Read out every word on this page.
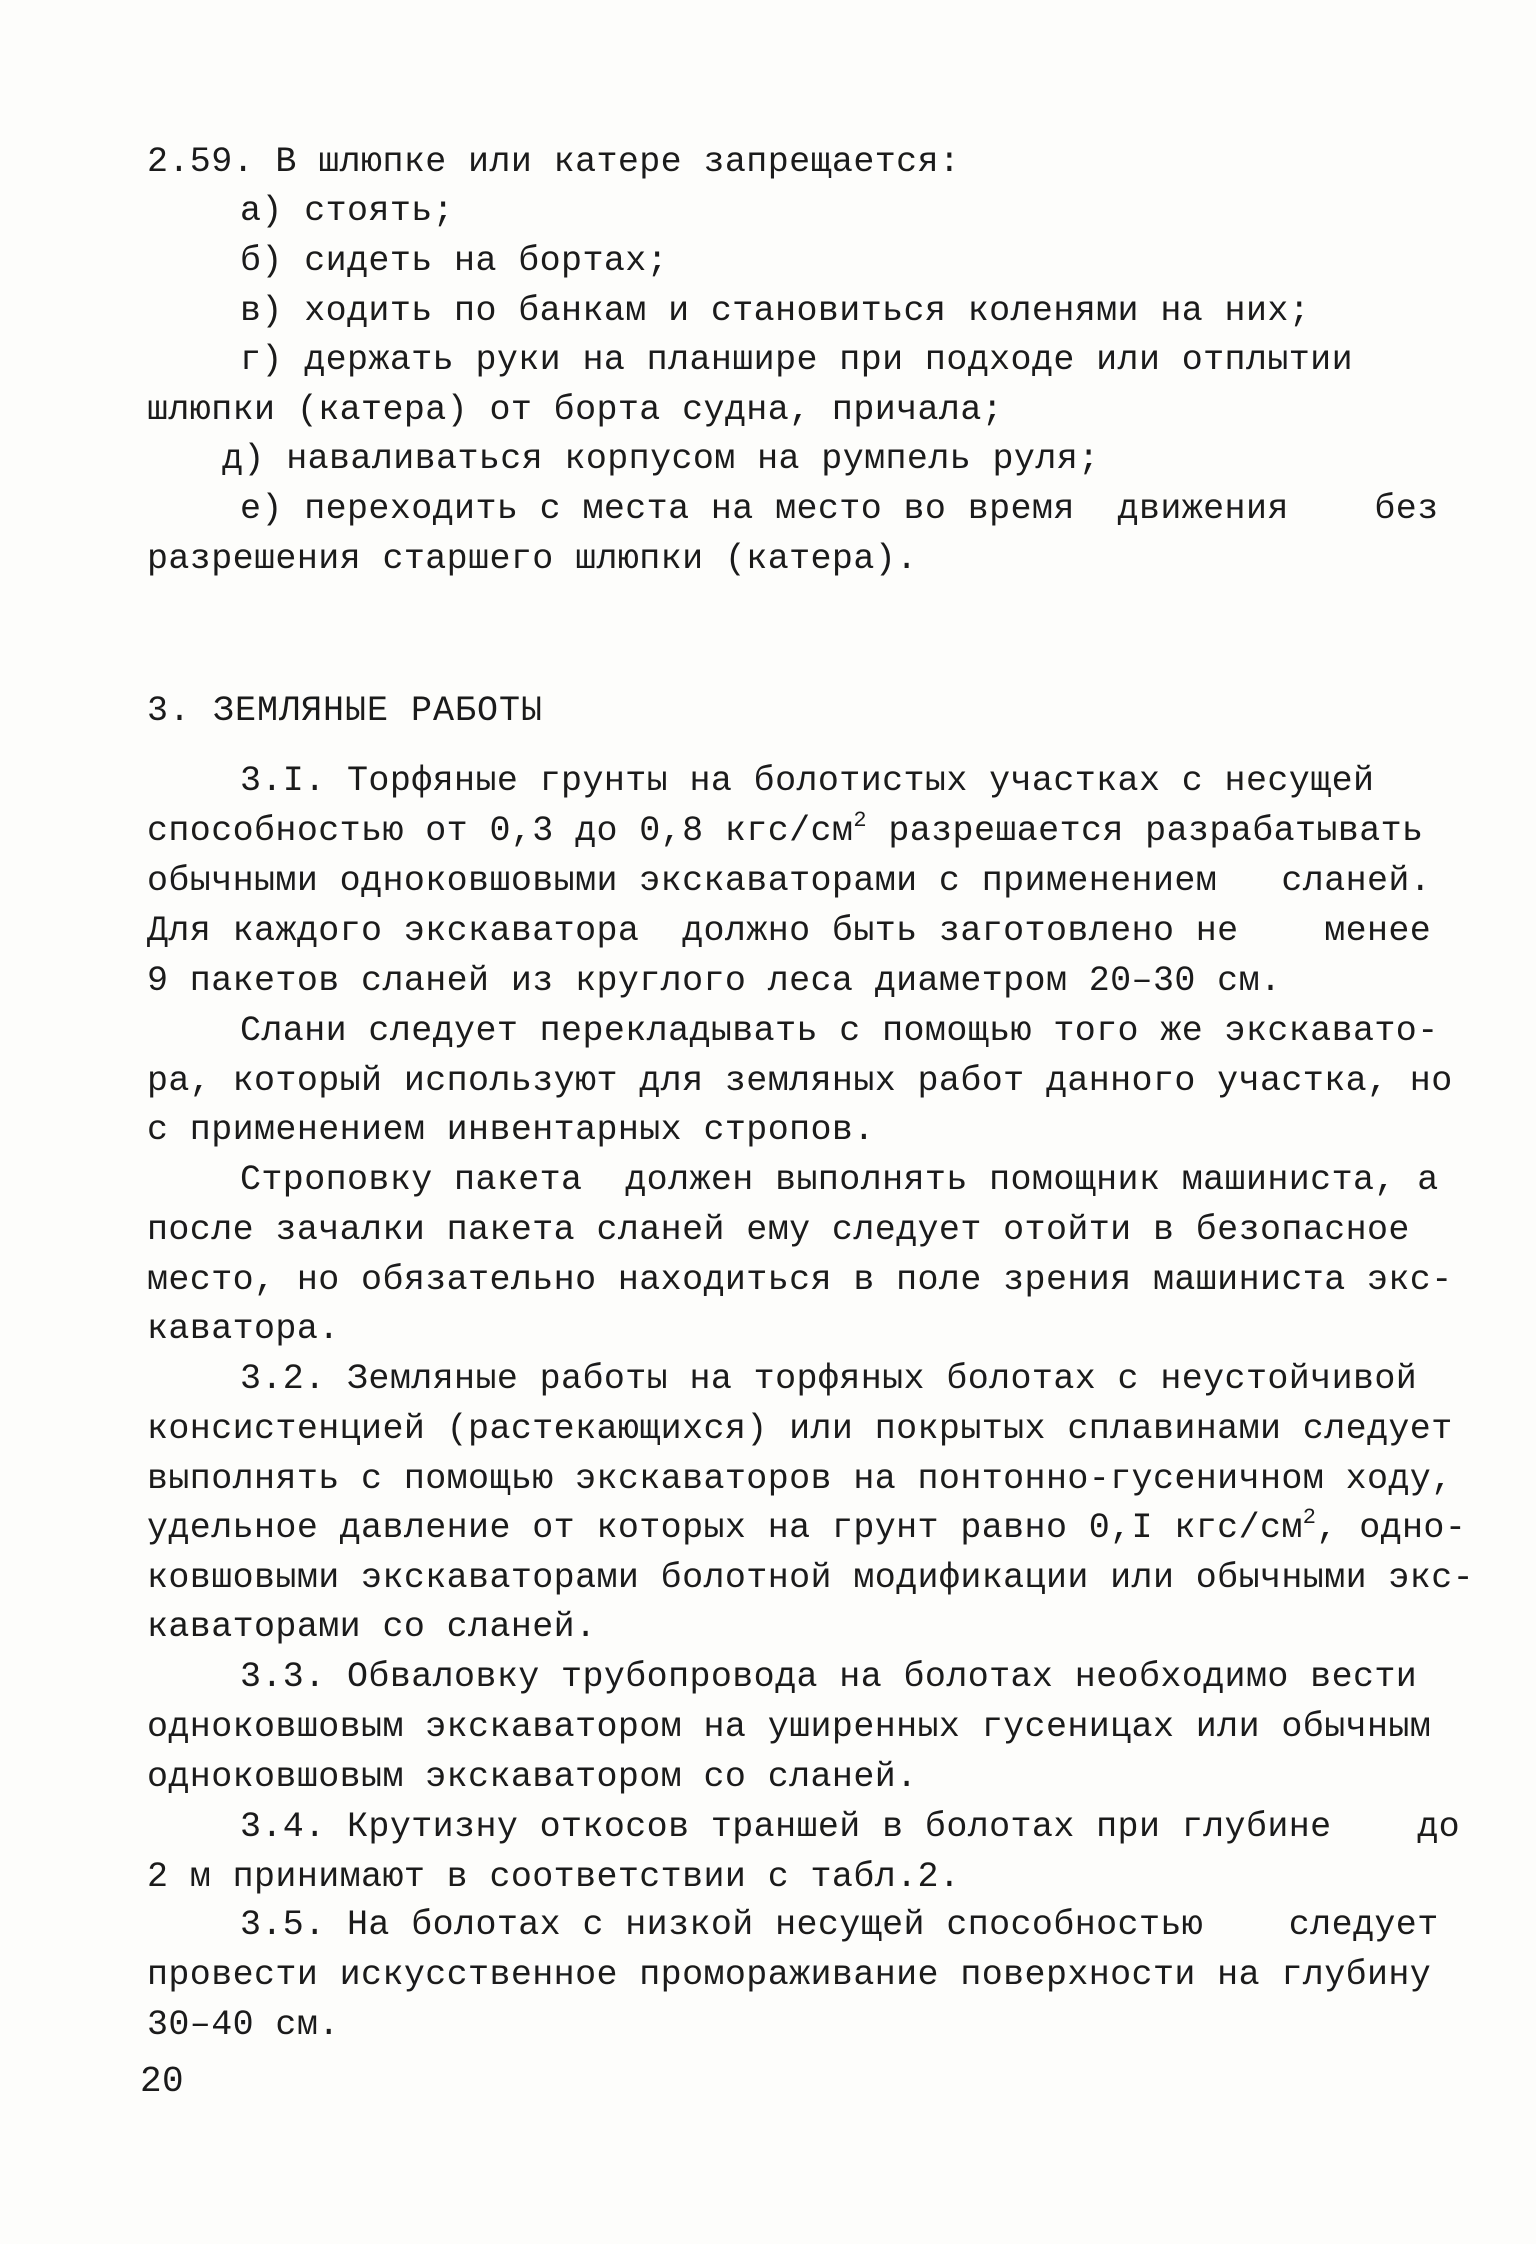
2.59. В шлюпке или катере запрещается:
а) стоять;
б) сидеть на бортах;
в) ходить по банкам и становиться коленями на них;
г) держать руки на планшире при подходе или отплытии
шлюпки (катера) от борта судна, причала;
д) наваливаться корпусом на румпель руля;
е) переходить с места на место во время  движения    без
разрешения старшего шлюпки (катера).
3. ЗЕМЛЯНЫЕ РАБОТЫ
3.I. Торфяные грунты на болотистых участках с несущей
способностью от 0,3 до 0,8 кгс/$см^2$ разрешается разрабатывать
обычными одноковшовыми экскаваторами с применением   сланей.
Для каждого экскаватора  должно быть заготовлено не    менее
9 пакетов сланей из круглого леса диаметром 20–30 см.
Слани следует перекладывать с помощью того же экскавато-
ра, который используют для земляных работ данного участка, но
с применением инвентарных стропов.
Строповку пакета  должен выполнять помощник машиниста, а
после зачалки пакета сланей ему следует отойти в безопасное
место, но обязательно находиться в поле зрения машиниста экс-
каватора.
3.2. Земляные работы на торфяных болотах с неустойчивой
консистенцией (растекающихся) или покрытых сплавинами следует
выполнять с помощью экскаваторов на понтонно-гусеничном ходу,
удельное давление от которых на грунт равно 0,I кгс/$см^2$, одно-
ковшовыми экскаваторами болотной модификации или обычными экс-
каваторами со сланей.
3.3. Обваловку трубопровода на болотах необходимо вести
одноковшовым экскаватором на уширенных гусеницах или обычным
одноковшовым экскаватором со сланей.
3.4. Крутизну откосов траншей в болотах при глубине    до
2 м принимают в соответствии с табл.2.
3.5. На болотах с низкой несущей способностью    следует
провести искусственное промораживание поверхности на глубину
30–40 см.
20
